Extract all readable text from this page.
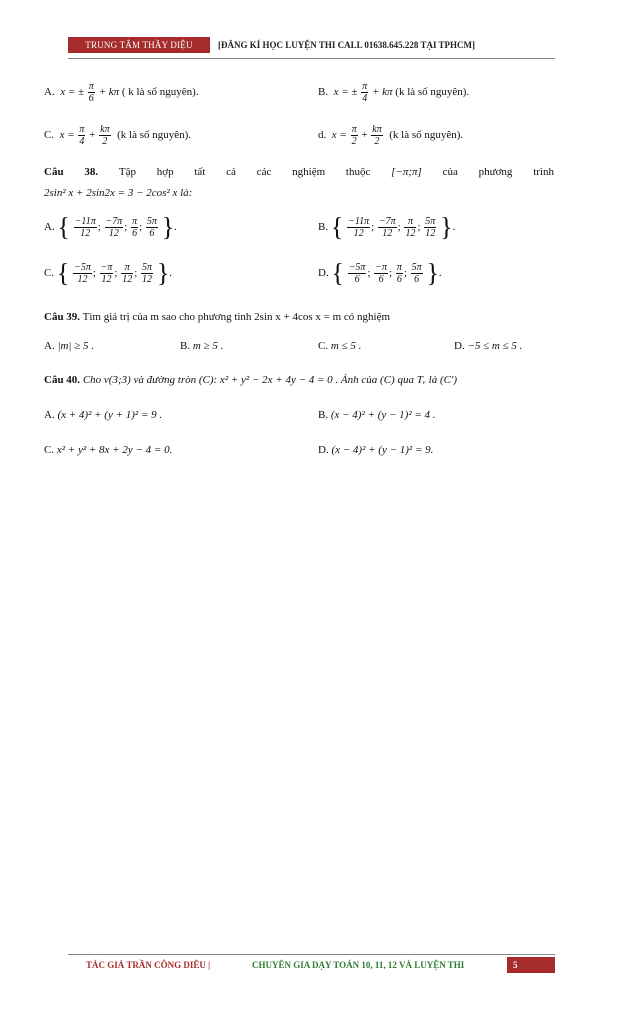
TRUNG TÂM THẦY DIỆU	[ĐĂNG KÍ HỌC LUYỆN THI CALL 01638.645.228 TẠI TPHCM]
A. x = ± $\frac{\pi}{6} + k\pi$ ( k là số nguyên).	B. x = ± $\frac{\pi}{4} + k\pi$ (k là số nguyên).
C. $x = \frac{\pi}{4} + \frac{k\pi}{2} (k$ là số nguyên).	d. $x = \frac{\pi}{2} + \frac{k\pi}{2} (k$ là số nguyên).
Câu 38. Tập hợp tất cả các nghiệm thuộc [−π;π] của phương trình
2sin² x + 2sin2x = 3 − 2cos² x là:
A. { $\frac{-11\pi}{12}$ ; $\frac{-7\pi}{12}$ ; $\frac{\pi}{6}$ ; $\frac{5\pi}{6}$ }.	B. { $\frac{-11\pi}{12}$ ; $\frac{-7\pi}{12}$ ; $\frac{\pi}{12}$ ; $\frac{5\pi}{12}$ }.
C. { $\frac{-5\pi}{12}$ ; $\frac{-\pi}{12}$ ; $\frac{\pi}{12}$ ; $\frac{5\pi}{12}$ }.	D. { $\frac{-5\pi}{6}$ ; $\frac{-\pi}{6}$ ; $\frac{\pi}{6}$ ; $\frac{5\pi}{6}$ }.
Câu 39. Tìm giá trị của m sao cho phương tình 2sin x + 4cos x = m có nghiệm
A. |m| ≥ 5 .	B. m ≥ 5 .	C. m ≤ 5 .	D. −5 ≤ m ≤ 5 .
Câu 40. Cho v(3;3) và đường tròn (C): x² + y² − 2x + 4y − 4 = 0 . Ảnh của (C) qua Tᵥ là (C′)
A. (x + 4)² + (y + 1)² = 9 .	B. (x − 4)² + (y − 1)² = 4 .
C. x² + y² + 8x + 2y − 4 = 0.	D. (x − 4)² + (y − 1)² = 9.
TÁC GIẢ TRẦN CÔNG DIÊU |	CHUYÊN GIA DẠY TOÁN 10, 11, 12 VÀ LUYỆN THI	5
